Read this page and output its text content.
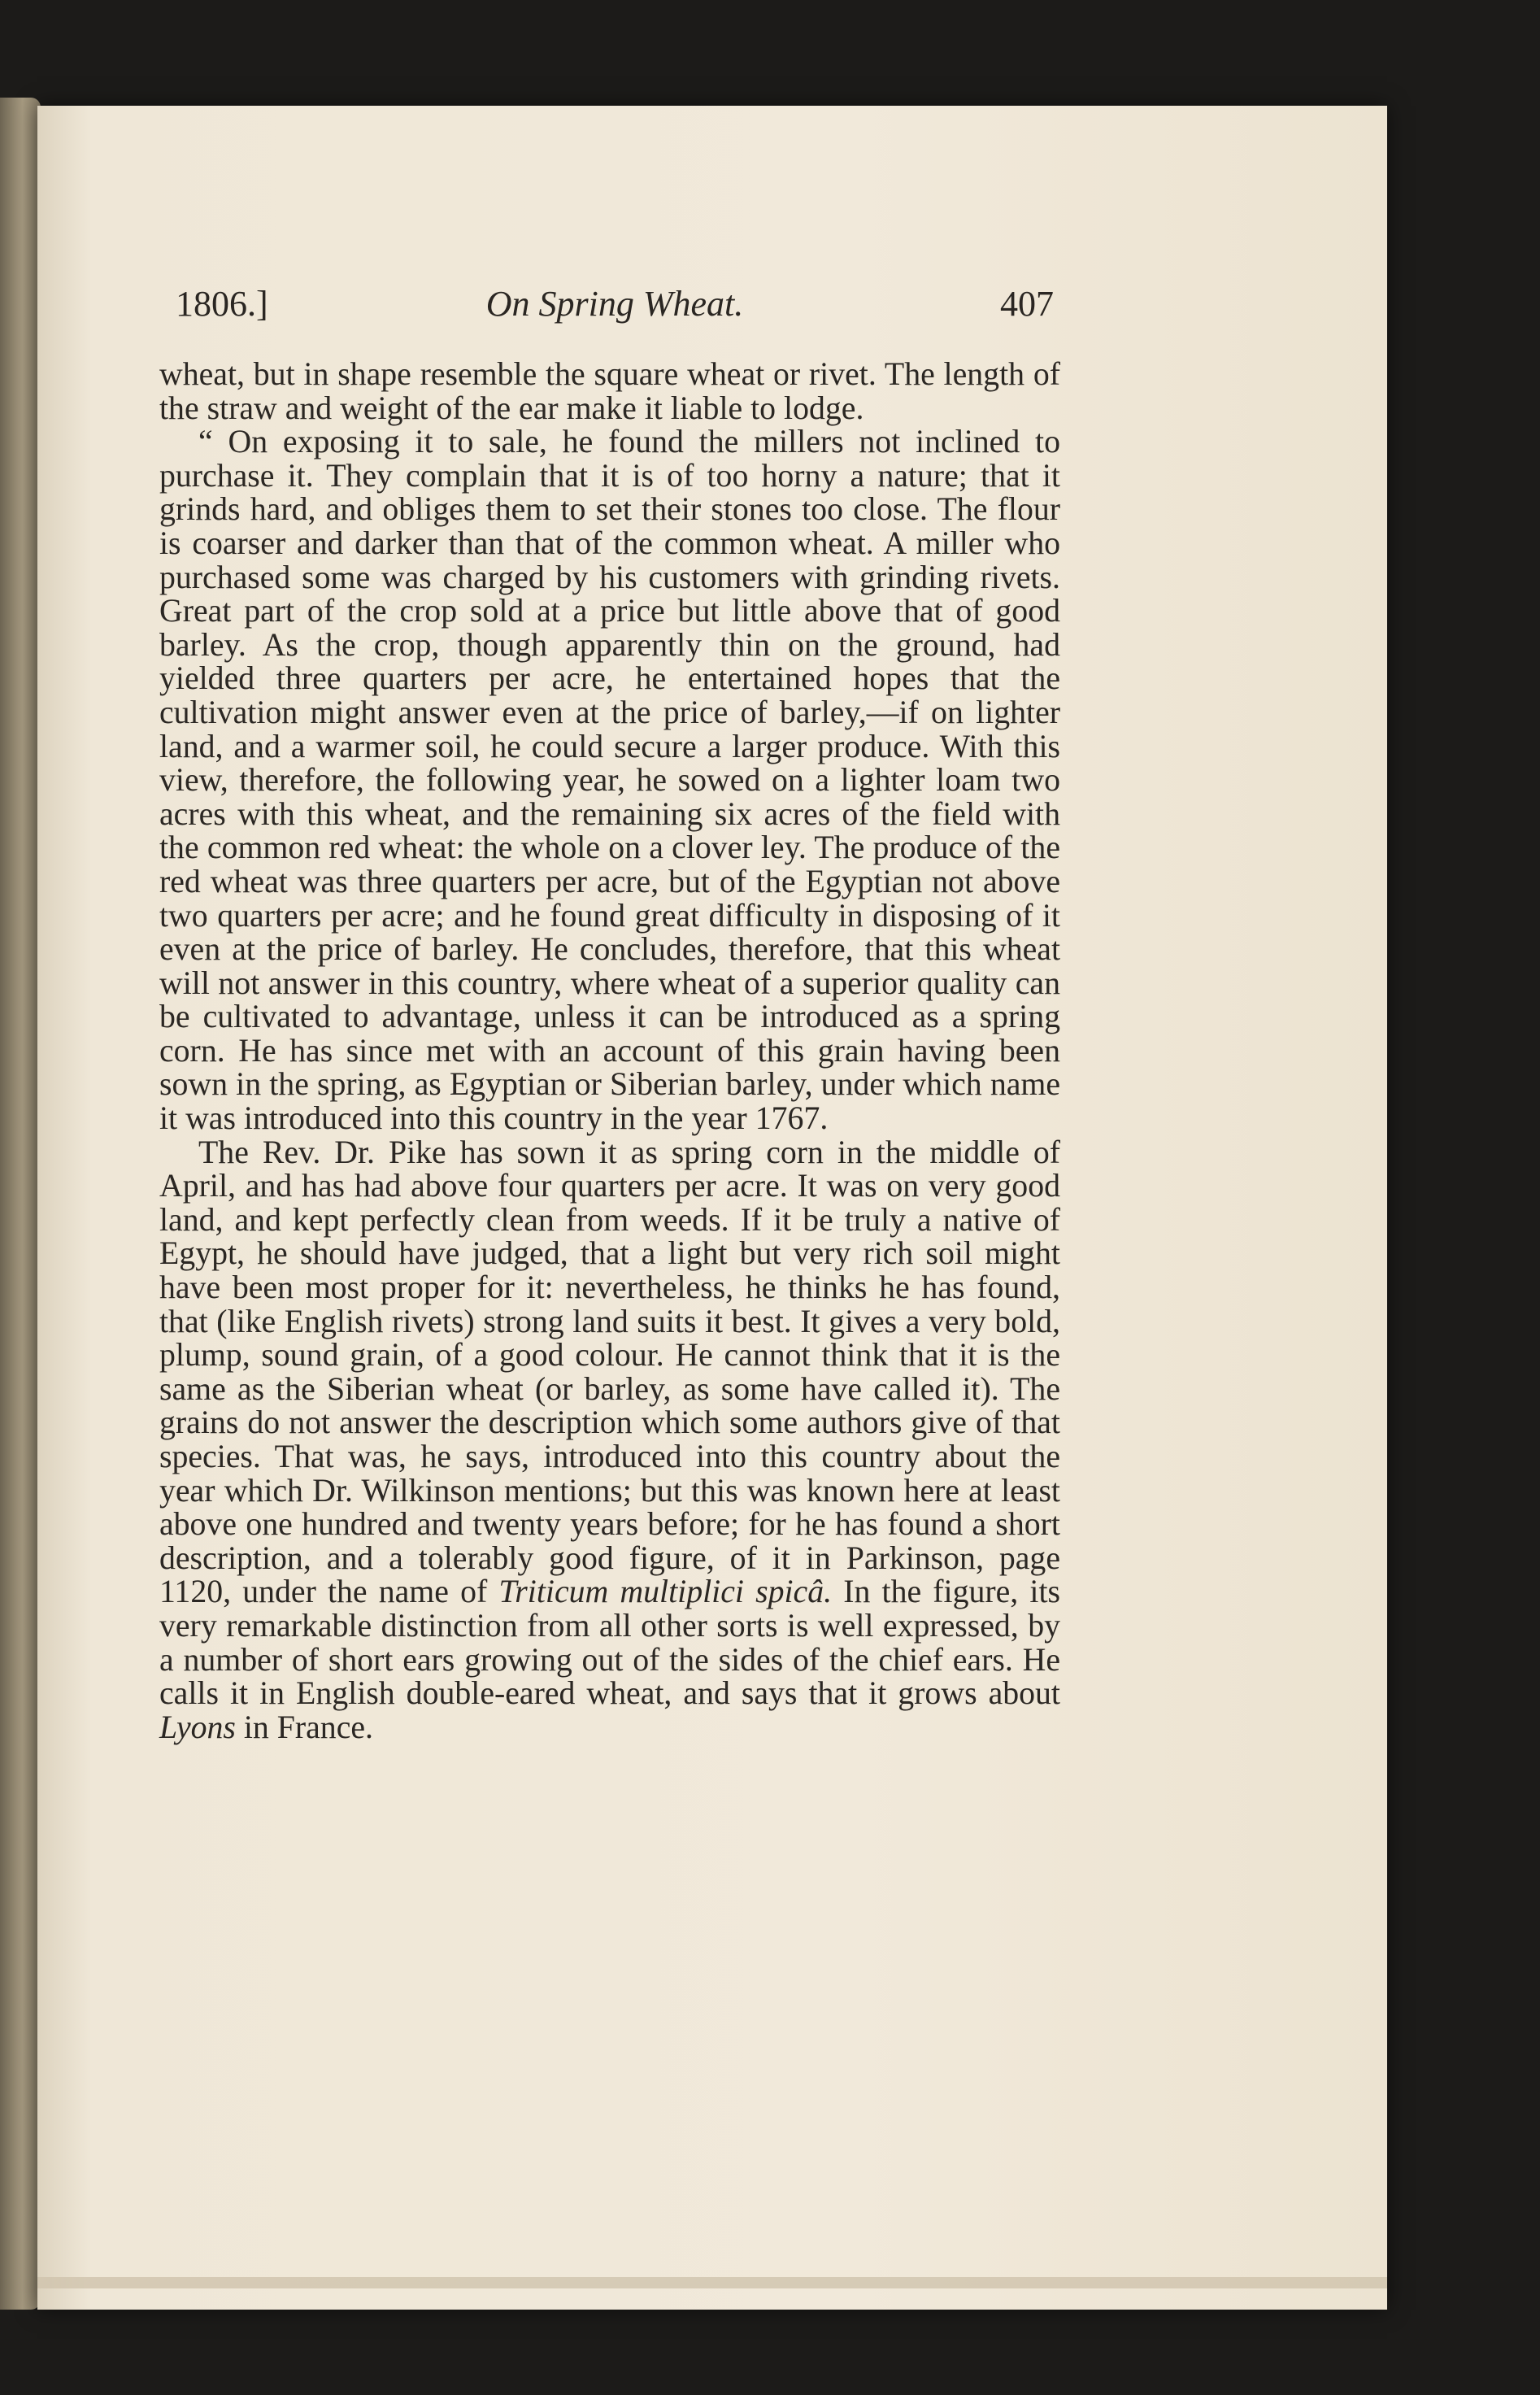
1806.]	On Spring Wheat.	407

wheat, but in shape resemble the square wheat or rivet. The length of the straw and weight of the ear make it liable to lodge.

“ On exposing it to sale, he found the millers not inclined to purchase it. They complain that it is of too horny a nature; that it grinds hard, and obliges them to set their stones too close. The flour is coarser and darker than that of the common wheat. A miller who purchased some was charged by his customers with grinding rivets. Great part of the crop sold at a price but little above that of good barley. As the crop, though apparently thin on the ground, had yielded three quarters per acre, he entertained hopes that the cultivation might answer even at the price of barley,—if on lighter land, and a warmer soil, he could secure a larger produce. With this view, therefore, the following year, he sowed on a lighter loam two acres with this wheat, and the remaining six acres of the field with the common red wheat: the whole on a clover ley. The produce of the red wheat was three quarters per acre, but of the Egyptian not above two quarters per acre; and he found great difficulty in disposing of it even at the price of barley. He concludes, therefore, that this wheat will not answer in this country, where wheat of a superior quality can be cultivated to advantage, unless it can be introduced as a spring corn. He has since met with an account of this grain having been sown in the spring, as Egyptian or Siberian barley, under which name it was introduced into this country in the year 1767.

The Rev. Dr. Pike has sown it as spring corn in the middle of April, and has had above four quarters per acre. It was on very good land, and kept perfectly clean from weeds. If it be truly a native of Egypt, he should have judged, that a light but very rich soil might have been most proper for it: nevertheless, he thinks he has found, that (like English rivets) strong land suits it best. It gives a very bold, plump, sound grain, of a good colour. He cannot think that it is the same as the Siberian wheat (or barley, as some have called it). The grains do not answer the description which some authors give of that species. That was, he says, introduced into this country about the year which Dr. Wilkinson mentions; but this was known here at least above one hundred and twenty years before; for he has found a short description, and a tolerably good figure, of it in Parkinson, page 1120, under the name of Triticum multiplici spicâ. In the figure, its very remarkable distinction from all other sorts is well expressed, by a number of short ears growing out of the sides of the chief ears. He calls it in English double-eared wheat, and says that it grows about Lyons in France.
